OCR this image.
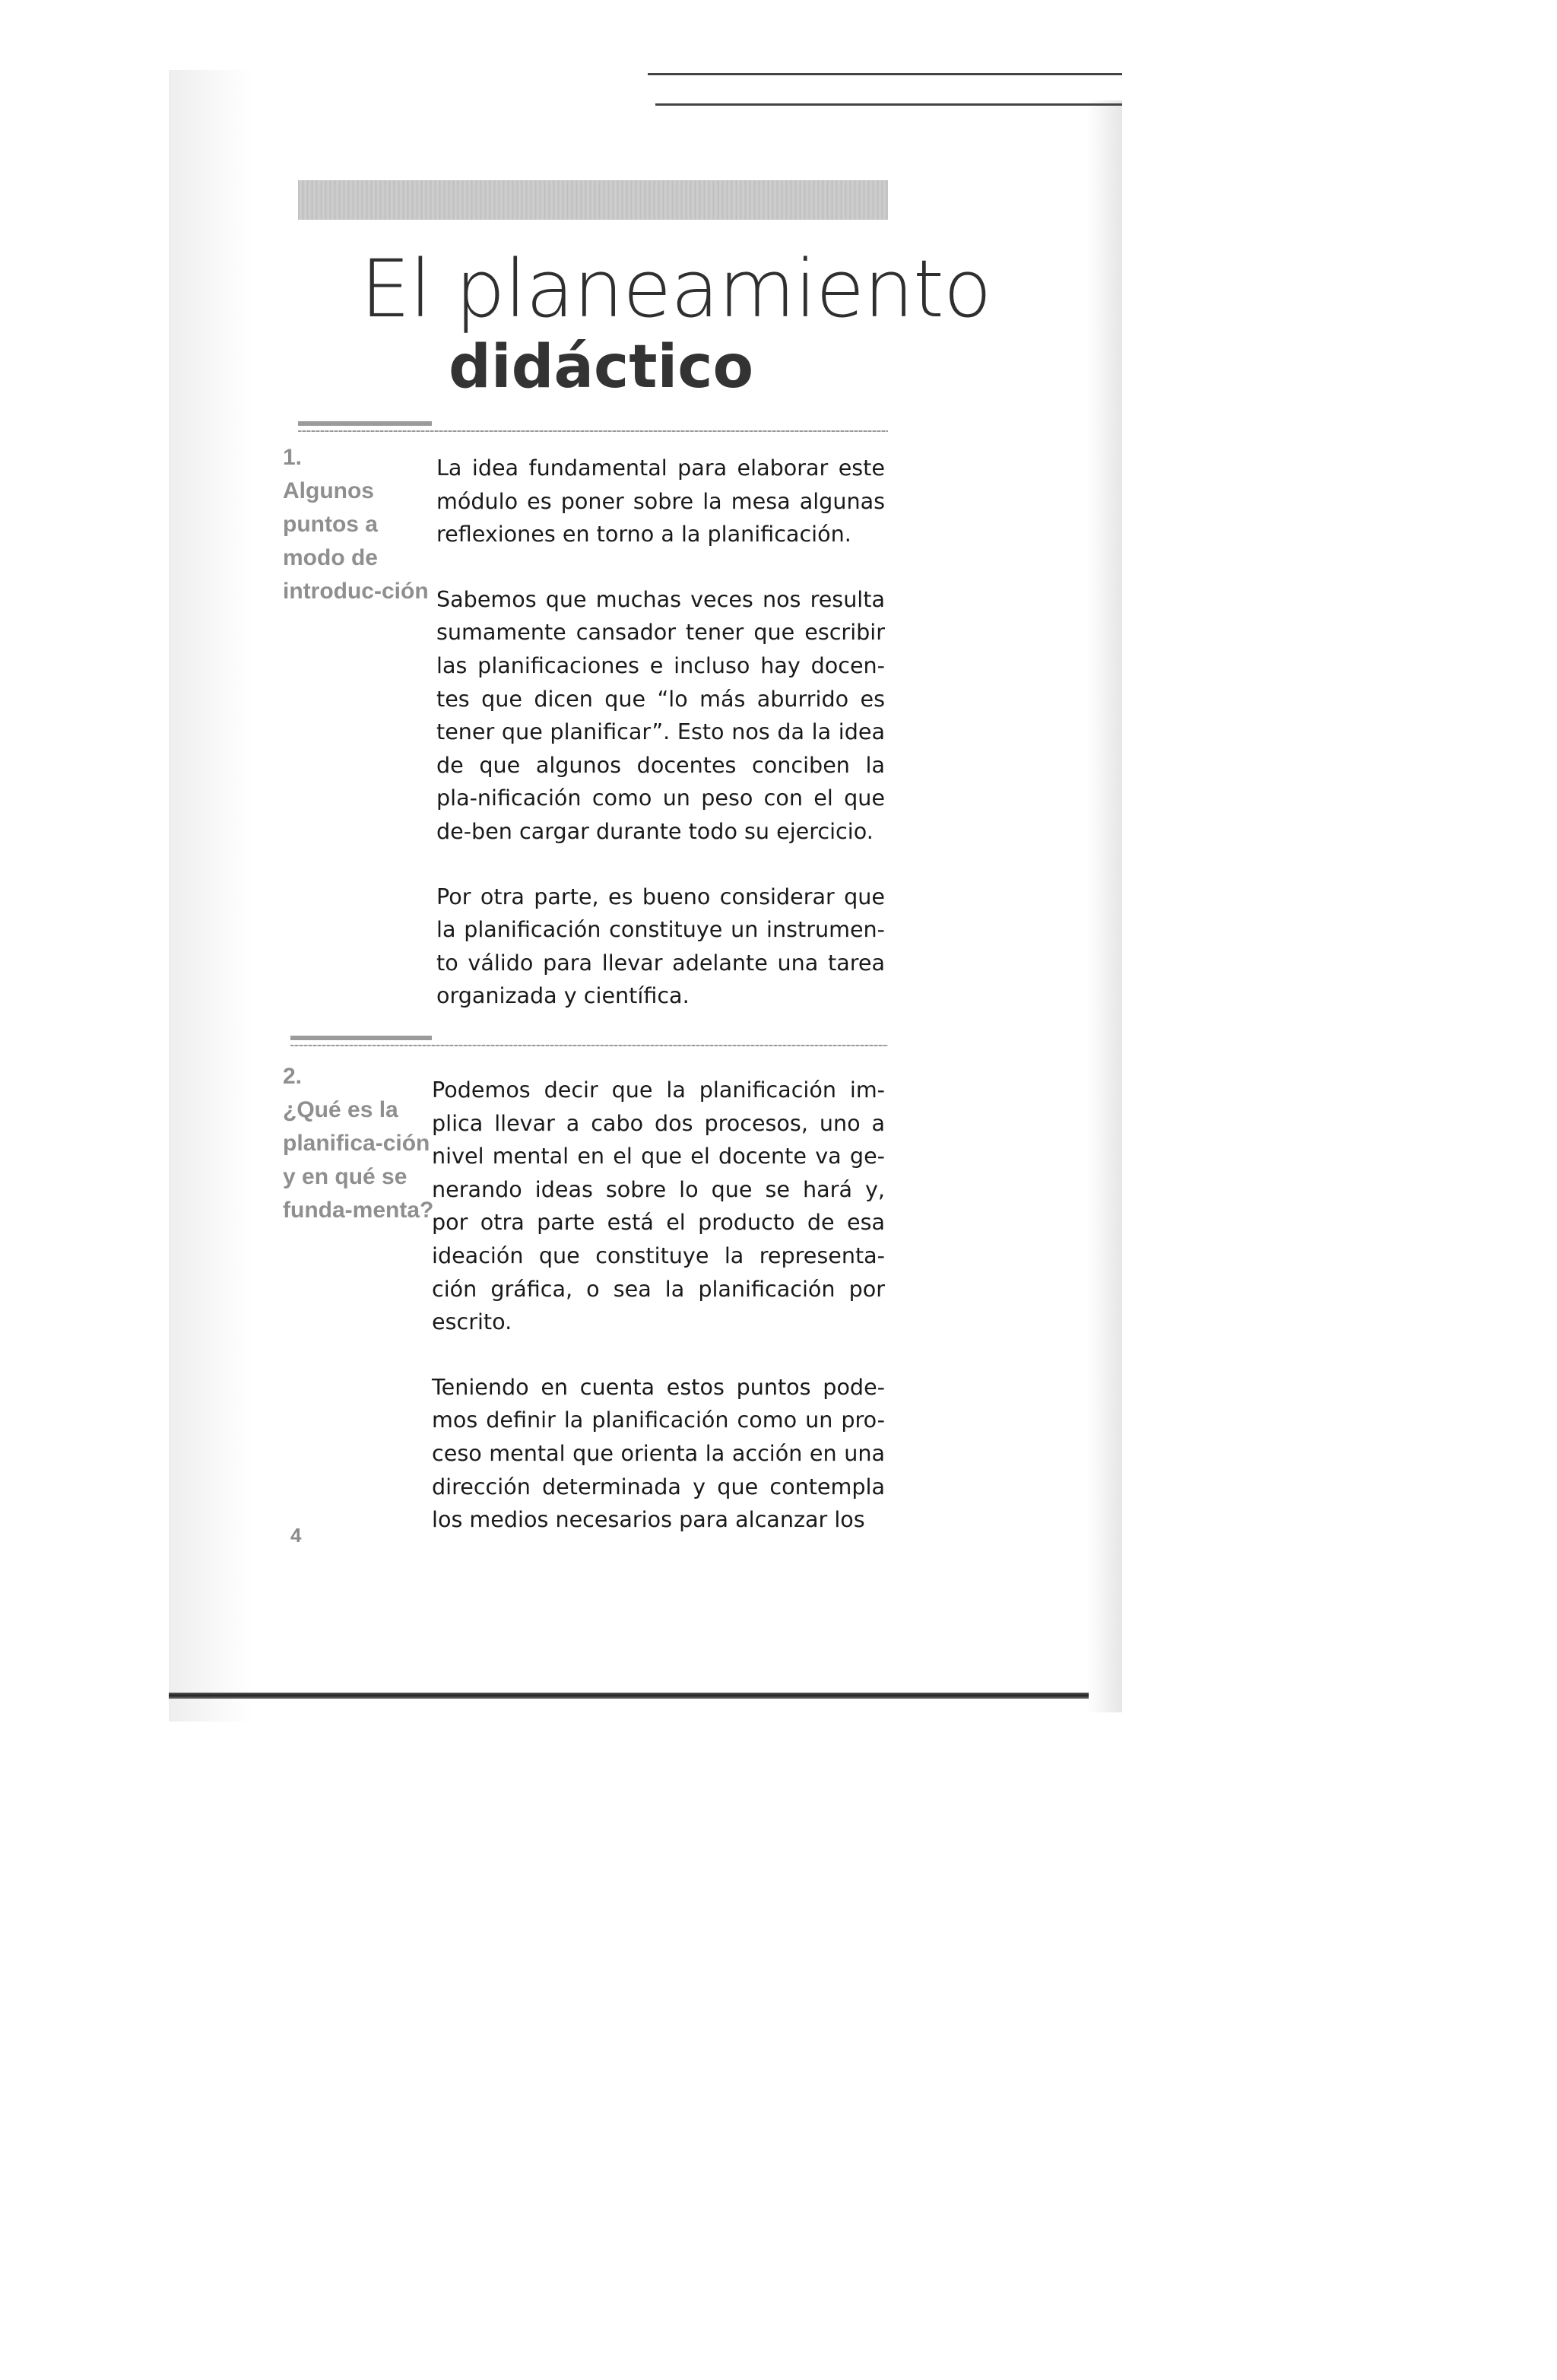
El planeamiento
didáctico
1.
Algunos puntos a modo de introduc-ción

La idea fundamental para elaborar este módulo es poner sobre la mesa algunas reflexiones en torno a la planificación.

Sabemos que muchas veces nos resulta sumamente cansador tener que escribir las planificaciones e incluso hay docen-tes que dicen que “lo más aburrido es tener que planificar”. Esto nos da la idea de que algunos docentes conciben la pla-nificación como un peso con el que de-ben cargar durante todo su ejercicio.

Por otra parte, es bueno considerar que la planificación constituye un instrumen-to válido para llevar adelante una tarea organizada y científica.

2.
¿Qué es la planifica-ción y en qué se funda-menta?

Podemos decir que la planificación im-plica llevar a cabo dos procesos, uno a nivel mental en el que el docente va ge-nerando ideas sobre lo que se hará y, por otra parte está el producto de esa ideación que constituye la representa-ción gráfica, o sea la planificación por escrito.

Teniendo en cuenta estos puntos pode-mos definir la planificación como un pro-ceso mental que orienta la acción en una dirección determinada y que contempla los medios necesarios para alcanzar los

4
